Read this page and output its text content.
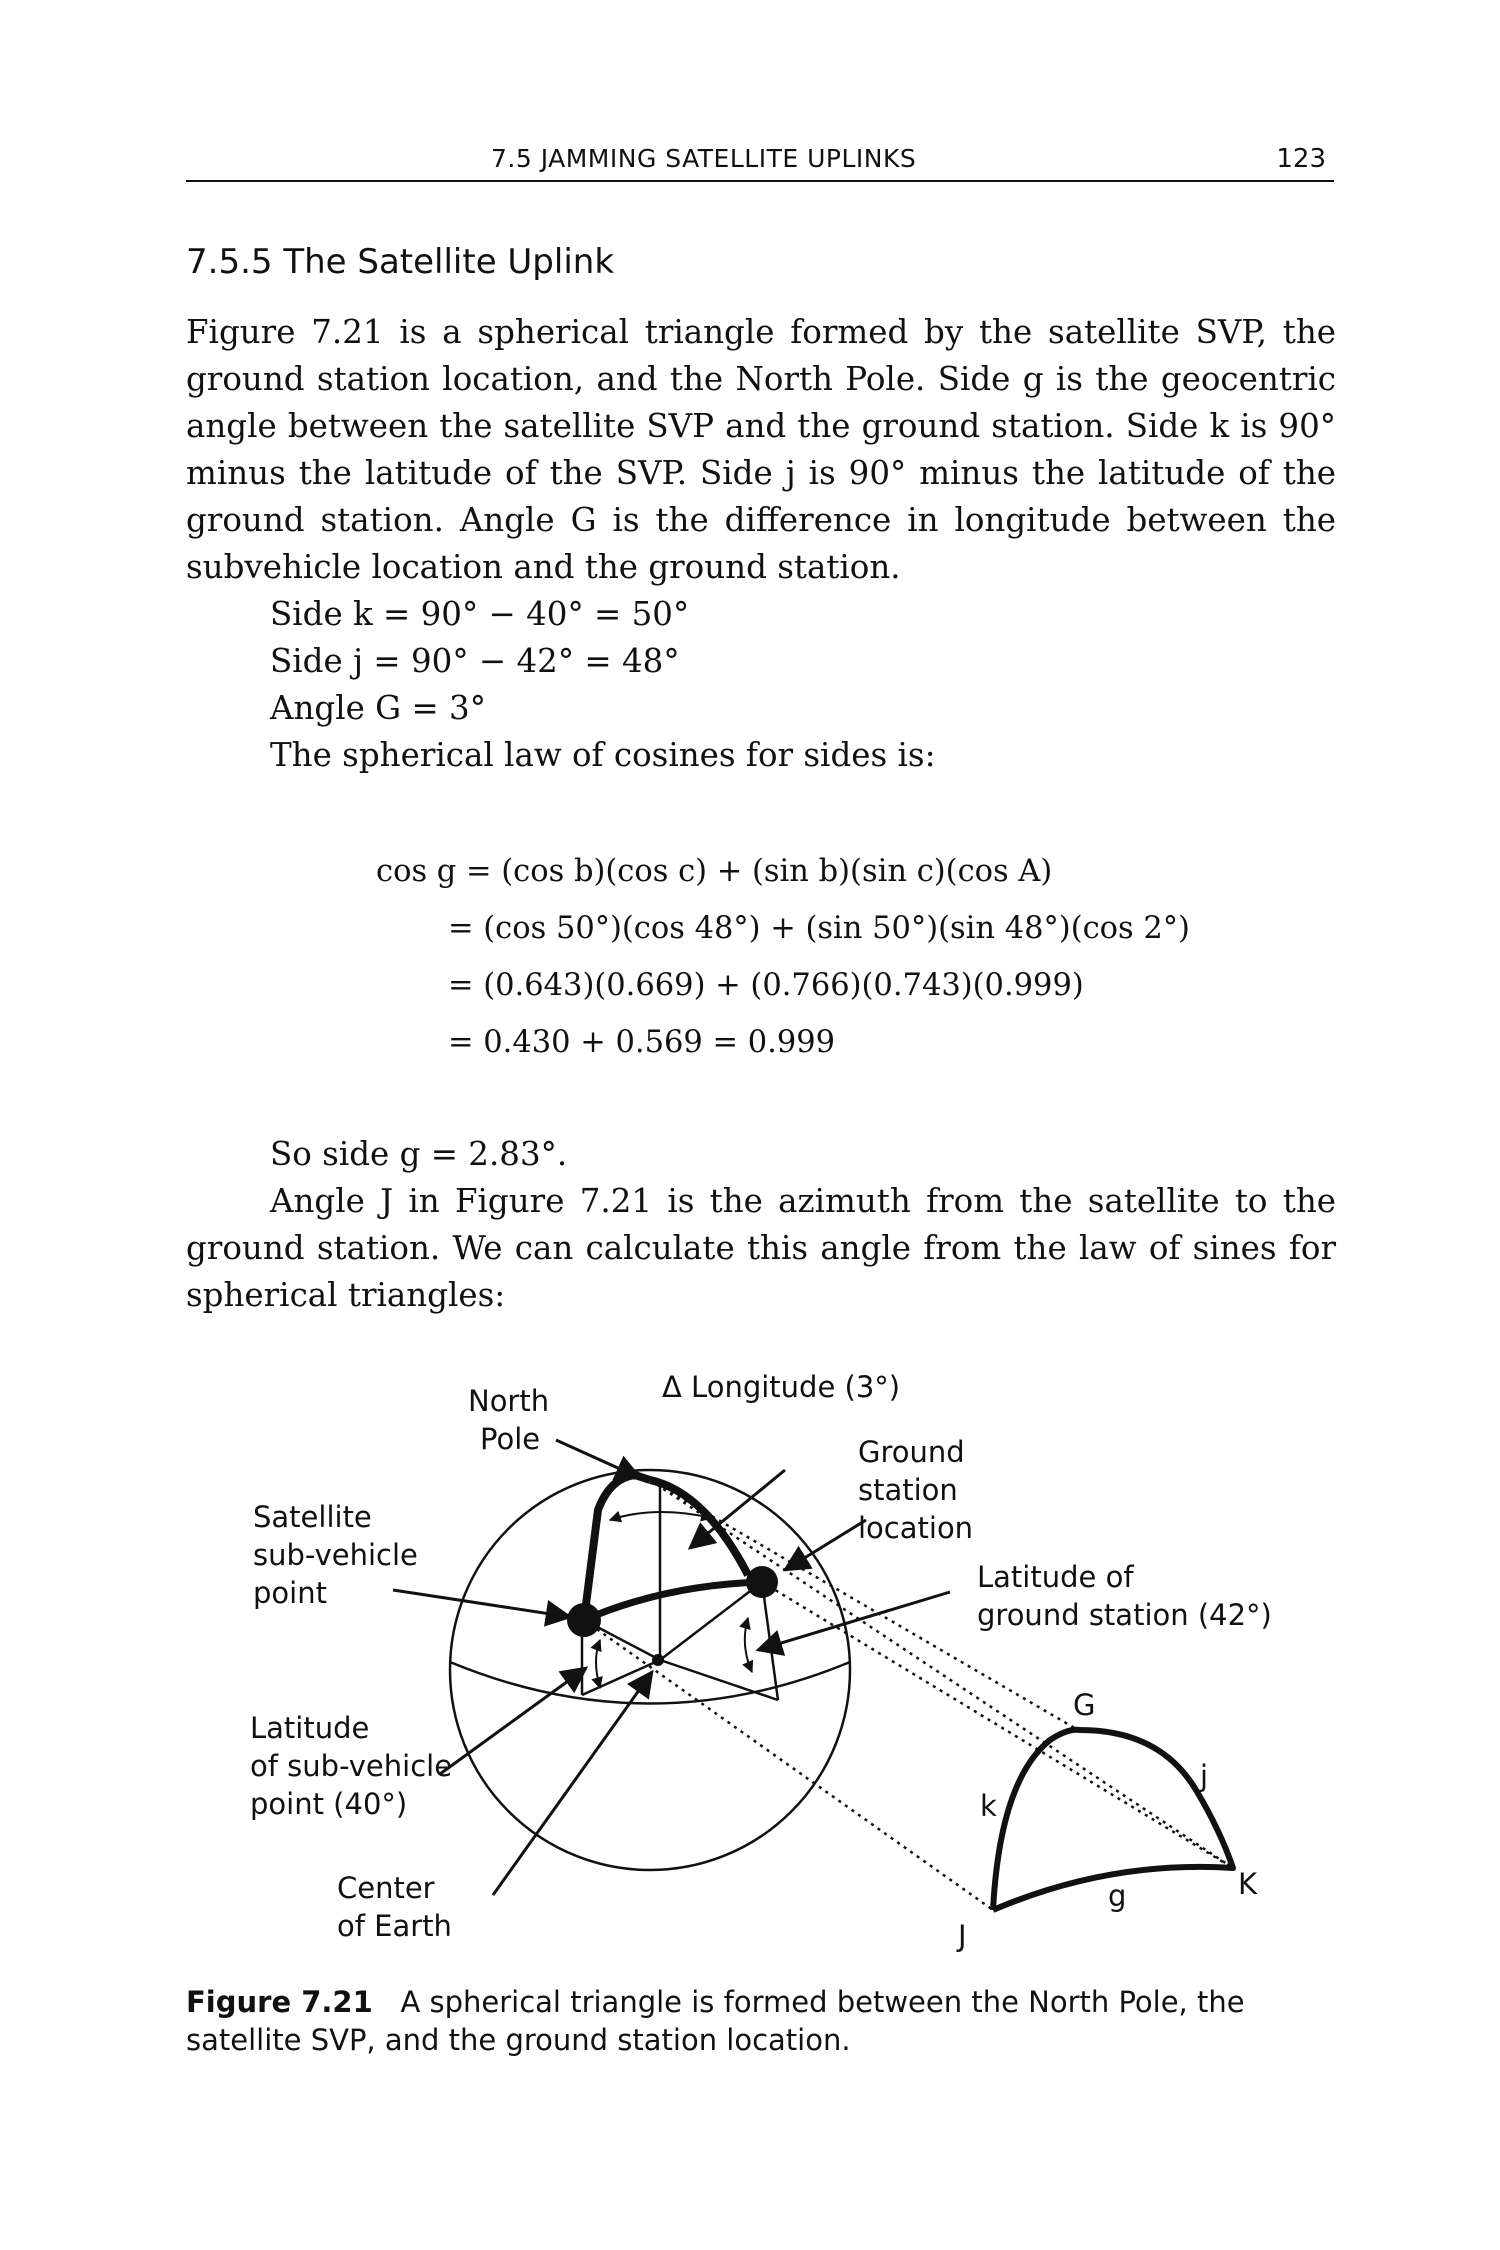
7.5 JAMMING SATELLITE UPLINKS	123
7.5.5 The Satellite Uplink
Figure 7.21 is a spherical triangle formed by the satellite SVP, the
ground station location, and the North Pole. Side g is the geocentric
angle between the satellite SVP and the ground station. Side k is 90°
minus the latitude of the SVP. Side j is 90° minus the latitude of the
ground station. Angle G is the difference in longitude between the
subvehicle location and the ground station.
Side k = 90° − 40° = 50°
Side j = 90° − 42° = 48°
Angle G = 3°
The spherical law of cosines for sides is:
cos g = (cos b)(cos c) + (sin b)(sin c)(cos A)
= (cos 50°)(cos 48°) + (sin 50°)(sin 48°)(cos 2°)
= (0.643)(0.669) + (0.766)(0.743)(0.999)
= 0.430 + 0.569 = 0.999
So side g = 2.83°.
Angle J in Figure 7.21 is the azimuth from the satellite to the
ground station. We can calculate this angle from the law of sines for
spherical triangles:
North
Pole
Δ Longitude (3°)
Ground
station
location
Satellite
sub-vehicle
point	Latitude of
ground station (42°)
Latitude
of sub-vehicle
point (40°)
Center
of Earth
G
j
k
g	K
J
Figure 7.21 A spherical triangle is formed between the North Pole, the satellite SVP, and the ground station location.
